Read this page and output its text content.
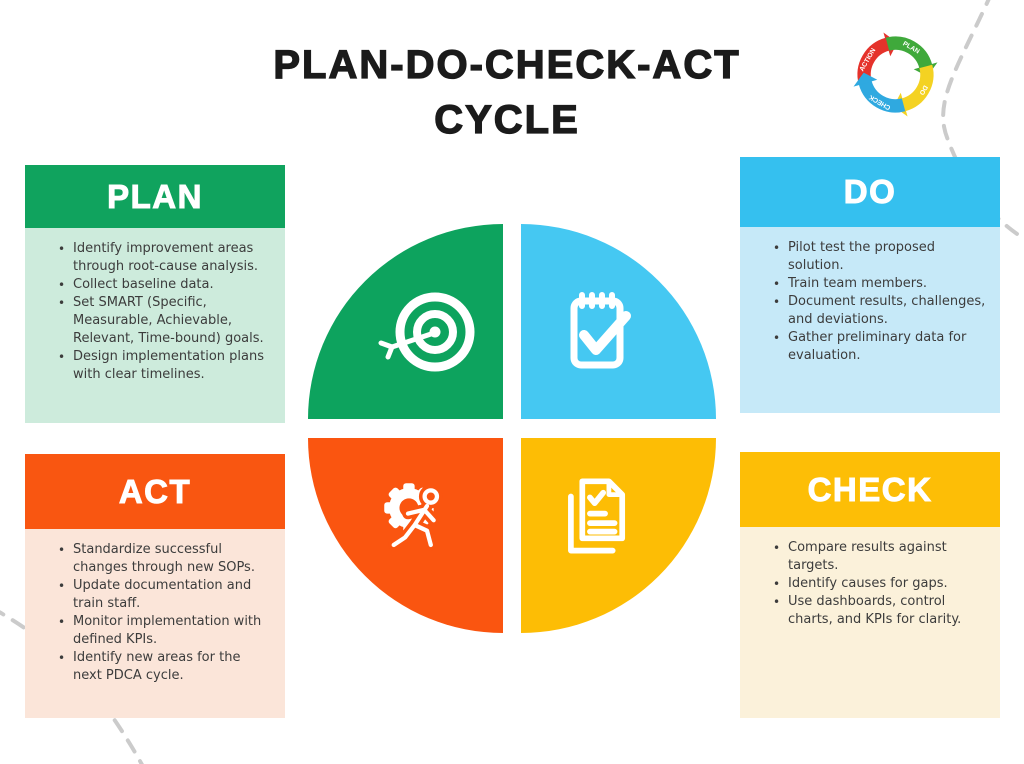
PLAN-DO-CHECK-ACT
CYCLE
ACTION	PLAN
DO
CHECK
PLAN
• Identify improvement areas through root-cause analysis.
• Collect baseline data.
• Set SMART (Specific, Measurable, Achievable, Relevant, Time-bound) goals.
• Design implementation plans with clear timelines.
DO
• Pilot test the proposed solution.
• Train team members.
• Document results, challenges, and deviations.
• Gather preliminary data for evaluation.
ACT
• Standardize successful changes through new SOPs.
• Update documentation and train staff.
• Monitor implementation with defined KPIs.
• Identify new areas for the next PDCA cycle.
CHECK
• Compare results against targets.
• Identify causes for gaps.
• Use dashboards, control charts, and KPIs for clarity.
